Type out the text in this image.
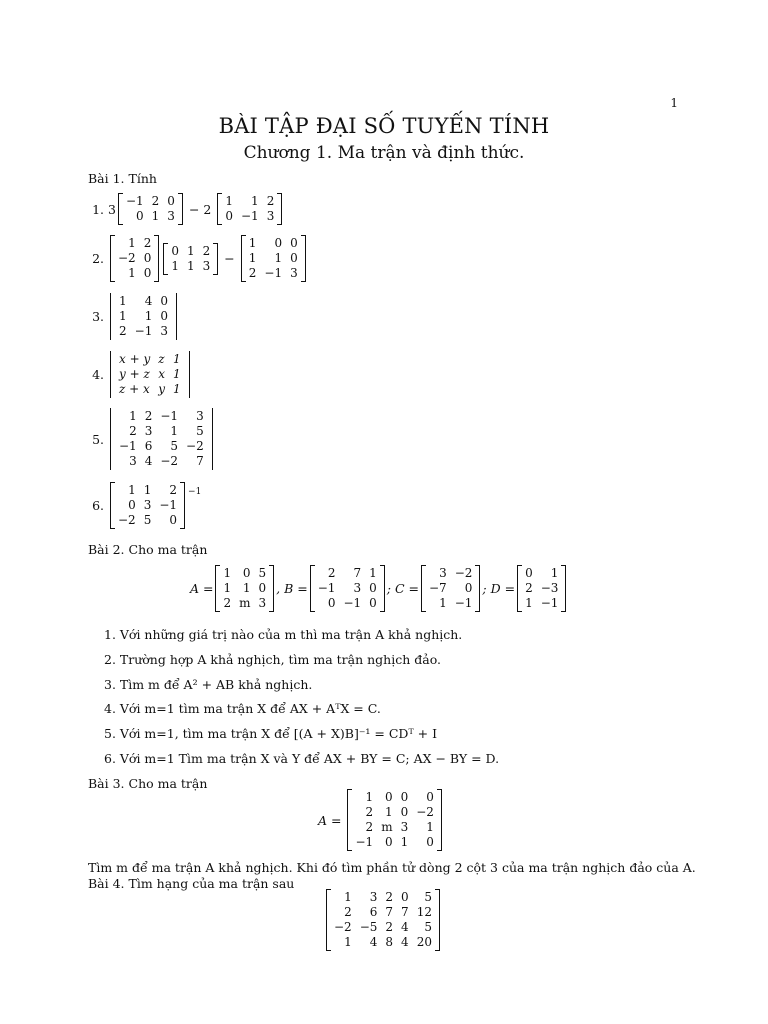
1
BÀI TẬP ĐẠI SỐ TUYẾN TÍNH
Chương 1. Ma trận và định thức.
Bài 1. Tính
1. 3
−1 2 0
0 1 3	− 2
1	1 2
0 −1 3
2.
1 2
−2 0
1 0
0 1 2
1 1 3	−
1	0 0
1	1 0
2 −1 3
3.
1	4 0
1	1 0
2 −1 3
4.
x + y z 1
y + z x 1
z + x y 1
5.
1 2 −1	3
2 3	1	5
−1 6	5 −2
3 4 −2	7
6.
1 1	2
0 3 −1
−2 5	0
−1
Bài 2. Cho ma trận
A =
1 0 5
1 1 0
2 m 3
, B =
2	7 1
−1	3 0
0 −1 0
; C =
3 −2
−7	0
1 −1
; D =
0	1
2 −3
1 −1
1. Với những giá trị nào của m thì ma trận A khả nghịch.
2. Trường hợp A khả nghịch, tìm ma trận nghịch đảo.
3. Tìm m để A² + AB khả nghịch.
4. Với m=1 tìm ma trận X để AX + AᵀX = C.
5. Với m=1, tìm ma trận X để [(A + X)B]⁻¹ = CDᵀ + I
6. Với m=1 Tìm ma trận X và Y để AX + BY = C; AX − BY = D.
Bài 3. Cho ma trận
A =
1 0 0	0
2 1 0 −2
2 m 3	1
−1 0 1	0
Tìm m để ma trận A khả nghịch. Khi đó tìm phần tử dòng 2 cột 3 của ma trận nghịch đảo của A.
Bài 4. Tìm hạng của ma trận sau
1	3 2 0	5
2	6 7 7 12
−2 −5 2 4	5
1	4 8 4 20
